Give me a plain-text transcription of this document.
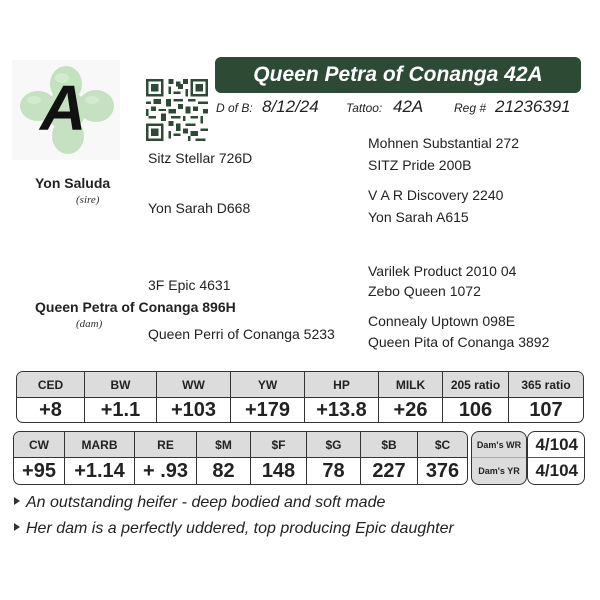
A	Queen Petra of Conanga 42A
D of B: 8/12/24 Tattoo: 42A	Reg # 21236391
Yon Saluda
(sire)
Sitz Stellar 726D
Yon Sarah D668
Mohnen Substantial 272
SITZ Pride 200B
V A R Discovery 2240
Yon Sarah A615
Queen Petra of Conanga 896H
(dam)
3F Epic 4631
Queen Perri of Conanga 5233
Varilek Product 2010 04
Zebo Queen 1072
Connealy Uptown 098E
Queen Pita of Conanga 3892
CED
+8
BW
+1.1
WW
+103
YW
+179
HP
+13.8
MILK
+26
205 ratio
106
365 ratio
107
CW
+95
MARB
+1.14
RE
+ .93
$M
82
$F
148
$G
78
$B
227
$C
376
Dam's WR
Dam's YR
4/104
4/104
An outstanding heifer - deep bodied and soft made
Her dam is a perfectly uddered, top producing Epic daughter
